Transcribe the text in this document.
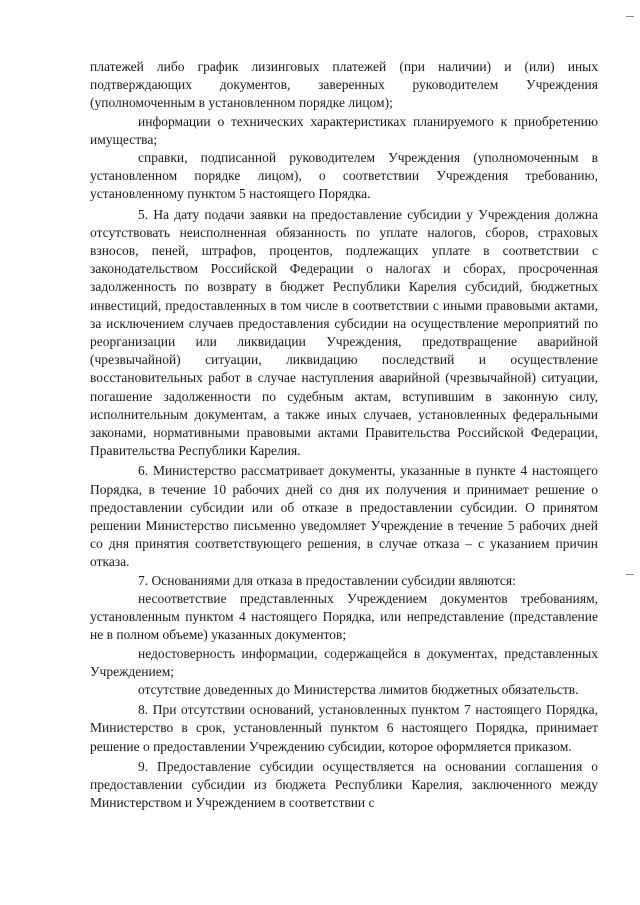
платежей либо график лизинговых платежей (при наличии) и (или) иных подтверждающих документов, заверенных руководителем Учреждения (уполномоченным в установленном порядке лицом);

информации о технических характеристиках планируемого к приобретению имущества;

справки, подписанной руководителем Учреждения (уполномоченным в установленном порядке лицом), о соответствии Учреждения требованию, установленному пунктом 5 настоящего Порядка.

5. На дату подачи заявки на предоставление субсидии у Учреждения должна отсутствовать неисполненная обязанность по уплате налогов, сборов, страховых взносов, пеней, штрафов, процентов, подлежащих уплате в соответствии с законодательством Российской Федерации о налогах и сборах, просроченная задолженность по возврату в бюджет Республики Карелия субсидий, бюджетных инвестиций, предоставленных в том числе в соответствии с иными правовыми актами, за исключением случаев предоставления субсидии на осуществление мероприятий по реорганизации или ликвидации Учреждения, предотвращение аварийной (чрезвычайной) ситуации, ликвидацию последствий и осуществление восстановительных работ в случае наступления аварийной (чрезвычайной) ситуации, погашение задолженности по судебным актам, вступившим в законную силу, исполнительным документам, а также иных случаев, установленных федеральными законами, нормативными правовыми актами Правительства Российской Федерации, Правительства Республики Карелия.

6. Министерство рассматривает документы, указанные в пункте 4 настоящего Порядка, в течение 10 рабочих дней со дня их получения и принимает решение о предоставлении субсидии или об отказе в предоставлении субсидии. О принятом решении Министерство письменно уведомляет Учреждение в течение 5 рабочих дней со дня принятия соответствующего решения, в случае отказа – с указанием причин отказа.

7. Основаниями для отказа в предоставлении субсидии являются:

несоответствие представленных Учреждением документов требованиям, установленным пунктом 4 настоящего Порядка, или непредставление (представление не в полном объеме) указанных документов;

недостоверность информации, содержащейся в документах, представленных Учреждением;

отсутствие доведенных до Министерства лимитов бюджетных обязательств.

8. При отсутствии оснований, установленных пунктом 7 настоящего Порядка, Министерство в срок, установленный пунктом 6 настоящего Порядка, принимает решение о предоставлении Учреждению субсидии, которое оформляется приказом.

9. Предоставление субсидии осуществляется на основании соглашения о предоставлении субсидии из бюджета Республики Карелия, заключенного между Министерством и Учреждением в соответствии с
